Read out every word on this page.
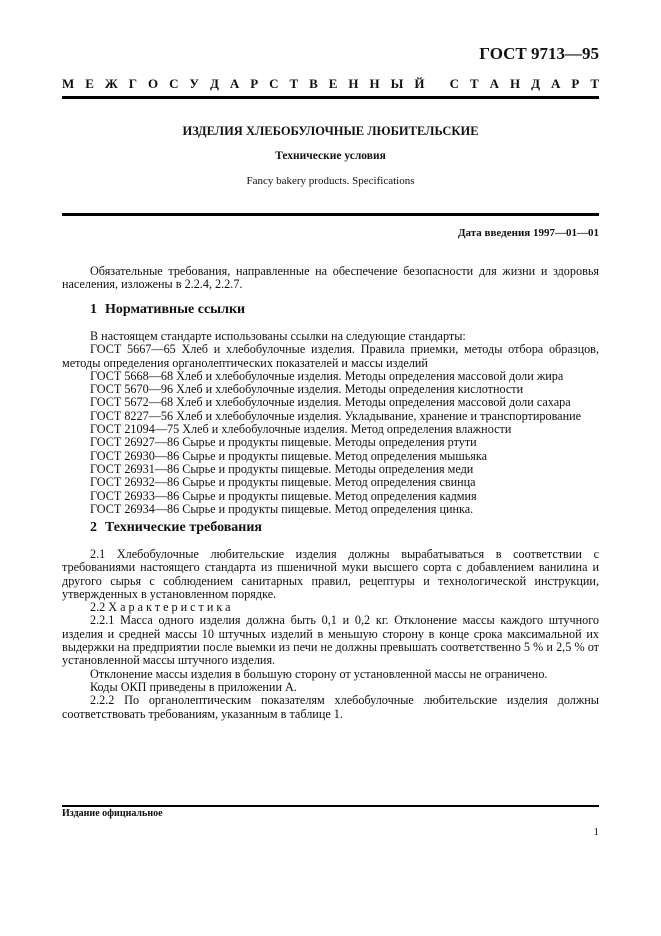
ГОСТ 9713—95
М Е Ж Г О С У Д А Р С Т В Е Н Н Ы Й
С Т А Н Д А Р Т
ИЗДЕЛИЯ ХЛЕБОБУЛОЧНЫЕ ЛЮБИТЕЛЬСКИЕ
Технические условия
Fancy bakery products. Specifications
Дата введения 1997—01—01

Обязательные требования, направленные на обеспечение безопасности для жизни и здоровья населения, изложены в 2.2.4, 2.2.7.

1 Нормативные ссылки

В настоящем стандарте использованы ссылки на следующие стандарты:

ГОСТ 5667—65 Хлеб и хлебобулочные изделия. Правила приемки, методы отбора образцов, методы определения органолептических показателей и массы изделий

ГОСТ 5668—68 Хлеб и хлебобулочные изделия. Методы определения массовой доли жира

ГОСТ 5670—96 Хлеб и хлебобулочные изделия. Методы определения кислотности

ГОСТ 5672—68 Хлеб и хлебобулочные изделия. Методы определения массовой доли сахара

ГОСТ 8227—56 Хлеб и хлебобулочные изделия. Укладывание, хранение и транспортирование

ГОСТ 21094—75 Хлеб и хлебобулочные изделия. Метод определения влажности

ГОСТ 26927—86 Сырье и продукты пищевые. Методы определения ртути

ГОСТ 26930—86 Сырье и продукты пищевые. Метод определения мышьяка

ГОСТ 26931—86 Сырье и продукты пищевые. Методы определения меди

ГОСТ 26932—86 Сырье и продукты пищевые. Метод определения свинца

ГОСТ 26933—86 Сырье и продукты пищевые. Метод определения кадмия

ГОСТ 26934—86 Сырье и продукты пищевые. Метод определения цинка.

2 Технические требования

2.1 Хлебобулочные любительские изделия должны вырабатываться в соответствии с требованиями настоящего стандарта из пшеничной муки высшего сорта с добавлением ванилина и другого сырья с соблюдением санитарных правил, рецептуры и технологической инструкции, утвержденных в установленном порядке.

2.2 Характеристика

2.2.1 Масса одного изделия должна быть 0,1 и 0,2 кг. Отклонение массы каждого штучного изделия и средней массы 10 штучных изделий в меньшую сторону в конце срока максимальной их выдержки на предприятии после выемки из печи не должны превышать соответственно 5 % и 2,5 % от установленной массы штучного изделия.

Отклонение массы изделия в большую сторону от установленной массы не ограничено.

Коды ОКП приведены в приложении А.

2.2.2 По органолептическим показателям хлебобулочные любительские изделия должны соответствовать требованиям, указанным в таблице 1.

Издание официальное
1
